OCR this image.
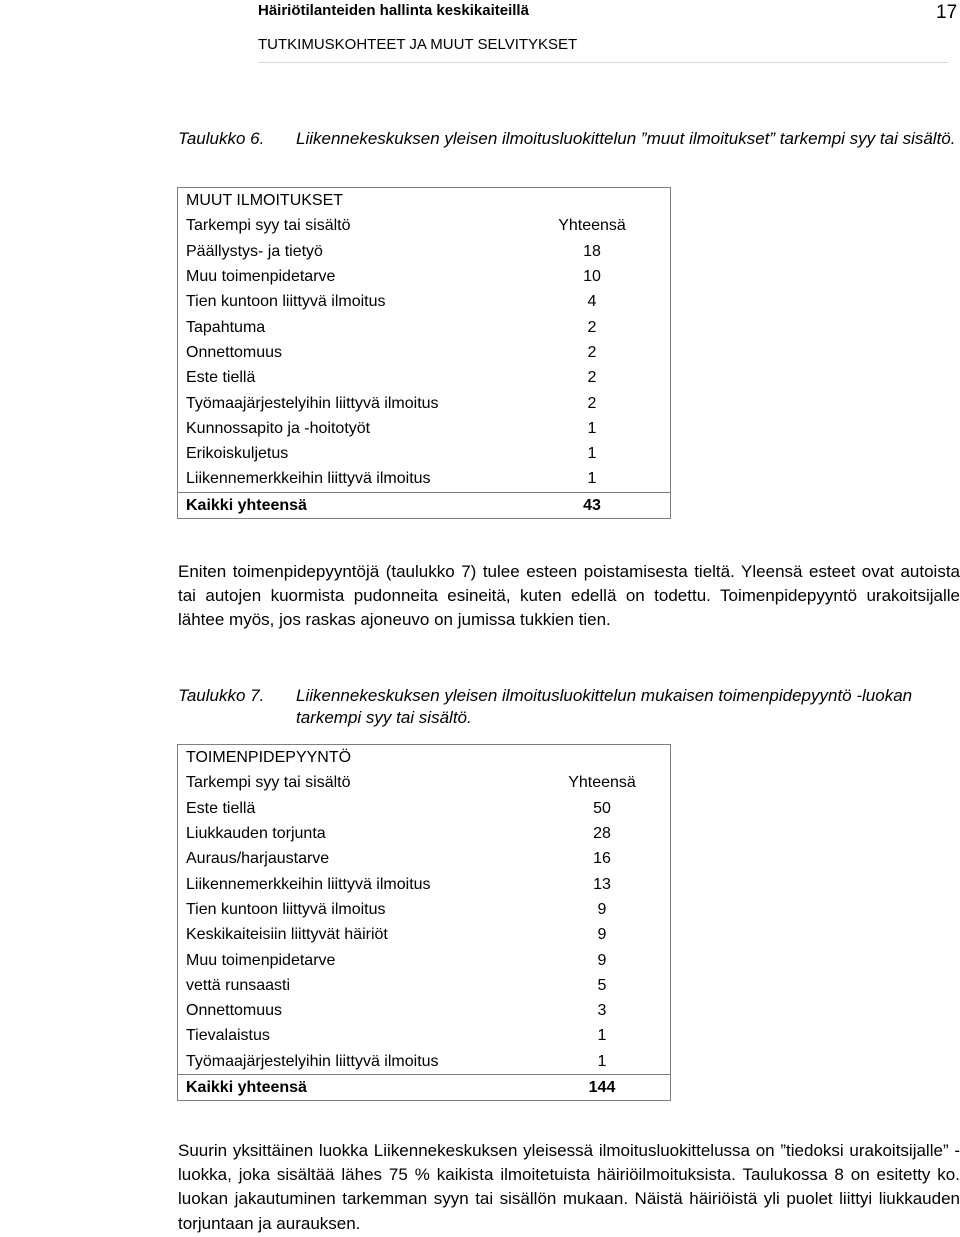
Häiriötilanteiden hallinta keskikaiteillä
TUTKIMUSKOHTEET JA MUUT SELVITYKSET
17
Taulukko 6. Liikennekeskuksen yleisen ilmoitusluokittelun ”muut ilmoitukset” tarkempi syy tai sisältö.
MUUT ILMOITUKSET	
Tarkempi syy tai sisältö	Yhteensä
Päällystys- ja tietyö	18
Muu toimenpidetarve	10
Tien kuntoon liittyvä ilmoitus	4
Tapahtuma	2
Onnettomuus	2
Este tiellä	2
Työmaajärjestelyihin liittyvä ilmoitus	2
Kunnossapito ja -hoitotyöt	1
Erikoiskuljetus	1
Liikennemerkkeihin liittyvä ilmoitus	1
Kaikki yhteensä	43
Eniten toimenpidepyyntöjä (taulukko 7) tulee esteen poistamisesta tieltä. Yleensä esteet ovat autoista tai autojen kuormista pudonneita esineitä, kuten edellä on todettu. Toimenpidepyyntö urakoitsijalle lähtee myös, jos raskas ajoneuvo on jumissa tukkien tien.
Taulukko 7. Liikennekeskuksen yleisen ilmoitusluokittelun mukaisen toimenpidepyyntö -luokan tarkempi syy tai sisältö.
TOIMENPIDEPYYNTÖ	
Tarkempi syy tai sisältö	Yhteensä
Este tiellä	50
Liukkauden torjunta	28
Auraus/harjaustarve	16
Liikennemerkkeihin liittyvä ilmoitus	13
Tien kuntoon liittyvä ilmoitus	9
Keskikaiteisiin liittyvät häiriöt	9
Muu toimenpidetarve	9
vettä runsaasti	5
Onnettomuus	3
Tievalaistus	1
Työmaajärjestelyihin liittyvä ilmoitus	1
Kaikki yhteensä	144
Suurin yksittäinen luokka Liikennekeskuksen yleisessä ilmoitusluokittelussa on ”tiedoksi urakoitsijalle” -luokka, joka sisältää lähes 75 % kaikista ilmoitetuista häiriöilmoituksista. Taulukossa 8 on esitetty ko. luokan jakautuminen tarkemman syyn tai sisällön mukaan. Näistä häiriöistä yli puolet liittyi liukkauden torjuntaan ja aurauksen.
